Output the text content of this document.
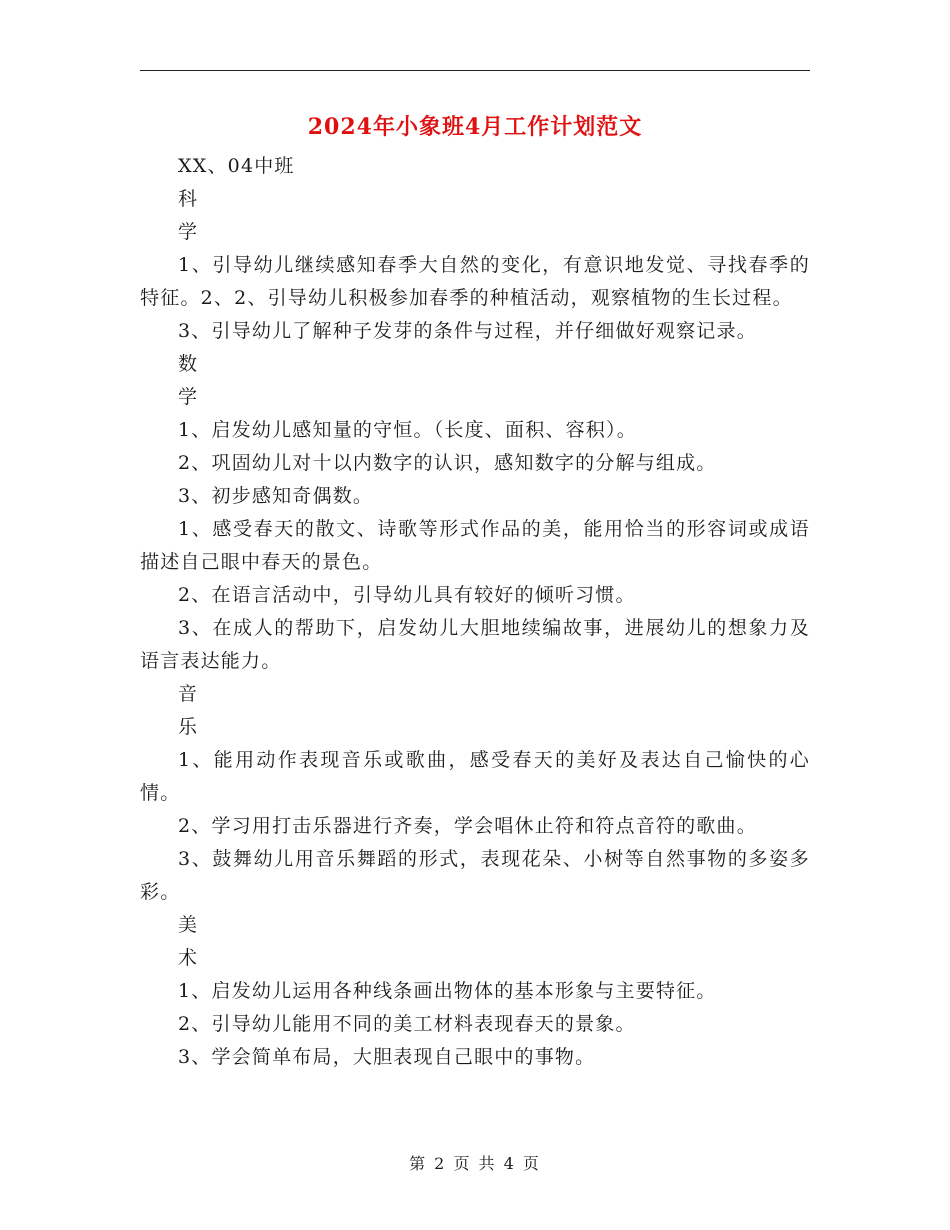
2024年小象班4月工作计划范文

XX、04中班

科

学

1、引导幼儿继续感知春季大自然的变化，有意识地发觉、寻找春季的特征。2、2、引导幼儿积极参加春季的种植活动，观察植物的生长过程。

3、引导幼儿了解种子发芽的条件与过程，并仔细做好观察记录。

数

学

1、启发幼儿感知量的守恒。（长度、面积、容积）。

2、巩固幼儿对十以内数字的认识，感知数字的分解与组成。

3、初步感知奇偶数。

1、感受春天的散文、诗歌等形式作品的美，能用恰当的形容词或成语描述自己眼中春天的景色。

2、在语言活动中，引导幼儿具有较好的倾听习惯。

3、在成人的帮助下，启发幼儿大胆地续编故事，进展幼儿的想象力及语言表达能力。

音

乐

1、能用动作表现音乐或歌曲，感受春天的美好及表达自己愉快的心情。

2、学习用打击乐器进行齐奏，学会唱休止符和符点音符的歌曲。

3、鼓舞幼儿用音乐舞蹈的形式，表现花朵、小树等自然事物的多姿多彩。

美

术

1、启发幼儿运用各种线条画出物体的基本形象与主要特征。

2、引导幼儿能用不同的美工材料表现春天的景象。

3、学会简单布局，大胆表现自己眼中的事物。

第 2 页 共 4 页
